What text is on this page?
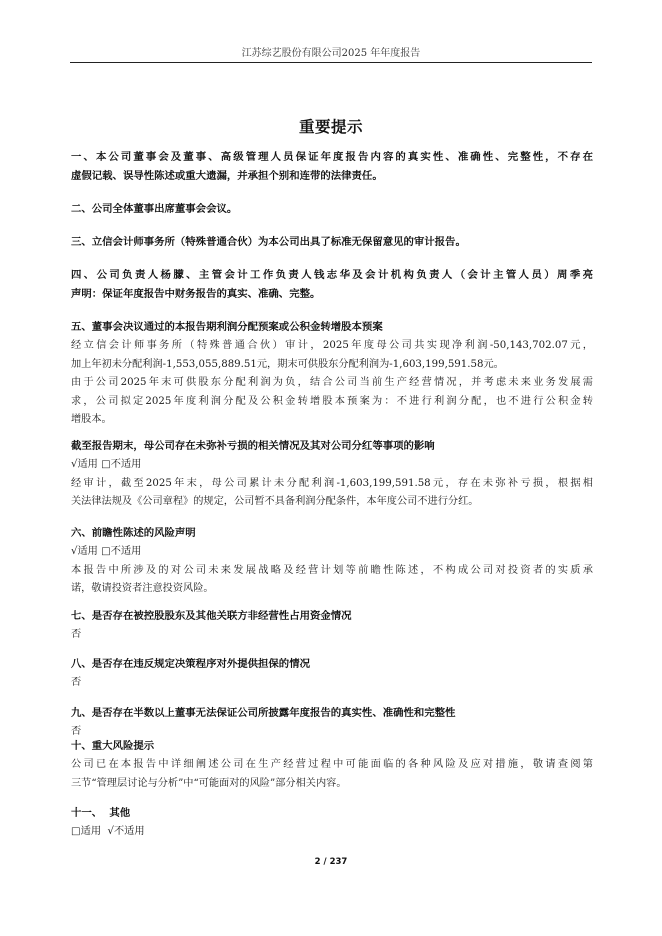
江苏综艺股份有限公司2025 年年度报告
重要提示
一、本公司董事会及董事、高级管理人员保证年度报告内容的真实性、准确性、完整性，不存在
虚假记载、误导性陈述或重大遗漏，并承担个别和连带的法律责任。
二、公司全体董事出席董事会会议。
三、立信会计师事务所（特殊普通合伙）为本公司出具了标准无保留意见的审计报告。
四、公司负责人杨朦、主管会计工作负责人钱志华及会计机构负责人（会计主管人员）周季亮
声明：保证年度报告中财务报告的真实、准确、完整。
五、董事会决议通过的本报告期利润分配预案或公积金转增股本预案
经立信会计师事务所（特殊普通合伙）审计，2025年度母公司共实现净利润-50,143,702.07元，
加上年初未分配利润-1,553,055,889.51元，期末可供股东分配利润为-1,603,199,591.58元。
由于公司2025年末可供股东分配利润为负，结合公司当前生产经营情况，并考虑未来业务发展需
求，公司拟定2025年度利润分配及公积金转增股本预案为：不进行利润分配，也不进行公积金转
增股本。
截至报告期末，母公司存在未弥补亏损的相关情况及其对公司分红等事项的影响
√适用 □不适用
经审计，截至2025年末，母公司累计未分配利润-1,603,199,591.58元，存在未弥补亏损，根据相
关法律法规及《公司章程》的规定，公司暂不具备利润分配条件，本年度公司不进行分红。
六、前瞻性陈述的风险声明
√适用 □不适用
本报告中所涉及的对公司未来发展战略及经营计划等前瞻性陈述，不构成公司对投资者的实质承
诺，敬请投资者注意投资风险。
七、是否存在被控股股东及其他关联方非经营性占用资金情况
否
八、是否存在违反规定决策程序对外提供担保的情况
否
九、是否存在半数以上董事无法保证公司所披露年度报告的真实性、准确性和完整性
否
十、重大风险提示
公司已在本报告中详细阐述公司在生产经营过程中可能面临的各种风险及应对措施，敬请查阅第
三节“管理层讨论与分析”中“可能面对的风险”部分相关内容。
十一、  其他
□适用  √不适用
2 / 237
